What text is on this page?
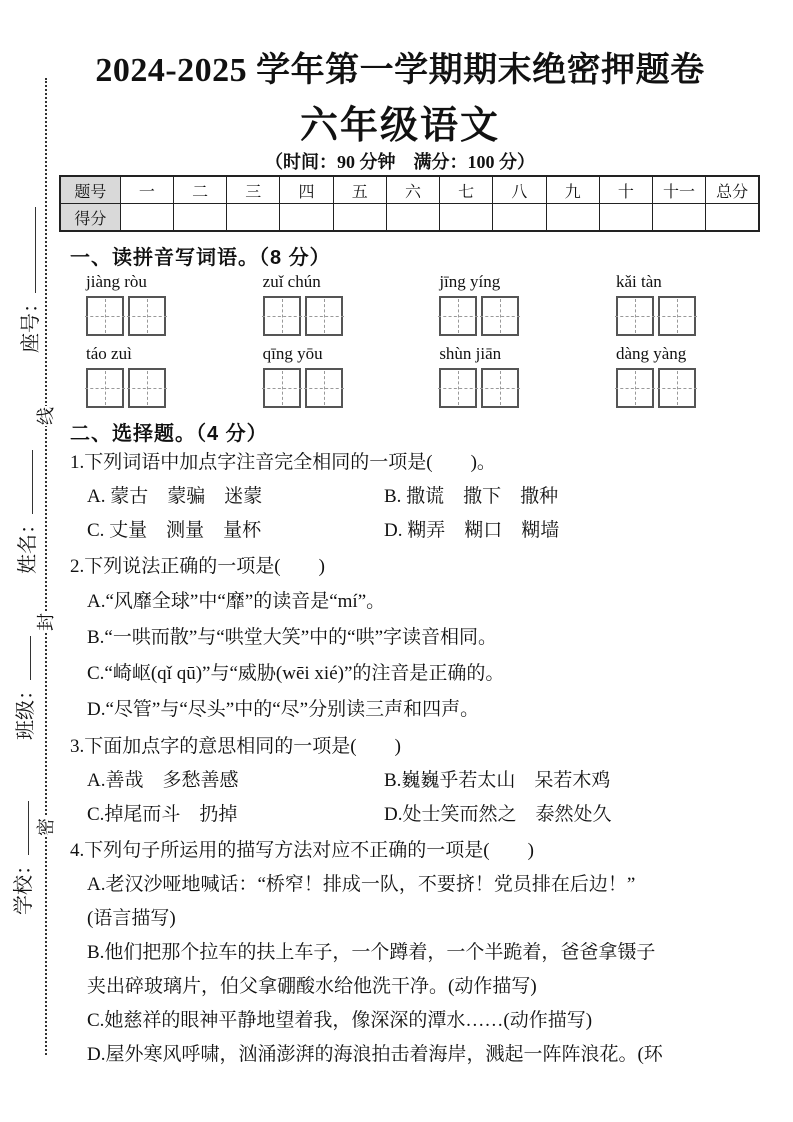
线
封
密
座号：
姓名：
班级：
学校：
2024-2025 学年第一学期期末绝密押题卷
六年级语文
（时间：90 分钟　满分：100 分）
题号	一	二	三	四	五	六	七	八	九	十	十一	总分
得分												
一、读拼音写词语。（8 分）
jiàng ròu	zuǐ chún	jīng yíng	kǎi tàn
táo zuì	qīng yōu	shùn jiān	dàng yàng
二、选择题。（4 分）
1.下列词语中加点字注音完全相同的一项是(　　)。
A. 蒙古　蒙骗　迷蒙	B. 撒谎　撒下　撒种
C. 丈量　测量　量杯	D. 糊弄　糊口　糊墙
2.下列说法正确的一项是(　　)
A.“风靡全球”中“靡”的读音是“mí”。
B.“一哄而散”与“哄堂大笑”中的“哄”字读音相同。
C.“崎岖(qǐ qū)”与“威胁(wēi xié)”的注音是正确的。
D.“尽管”与“尽头”中的“尽”分别读三声和四声。
3.下面加点字的意思相同的一项是(　　)
A.善哉　多愁善感	B.巍巍乎若太山　呆若木鸡
C.掉尾而斗　扔掉	D.处士笑而然之　泰然处久
4.下列句子所运用的描写方法对应不正确的一项是(　　)
A.老汉沙哑地喊话：“桥窄！排成一队，不要挤！党员排在后边！”
(语言描写)
B.他们把那个拉车的扶上车子，一个蹲着，一个半跪着，爸爸拿镊子
夹出碎玻璃片，伯父拿硼酸水给他洗干净。(动作描写)
C.她慈祥的眼神平静地望着我，像深深的潭水……(动作描写)
D.屋外寒风呼啸，汹涌澎湃的海浪拍击着海岸，溅起一阵阵浪花。(环
